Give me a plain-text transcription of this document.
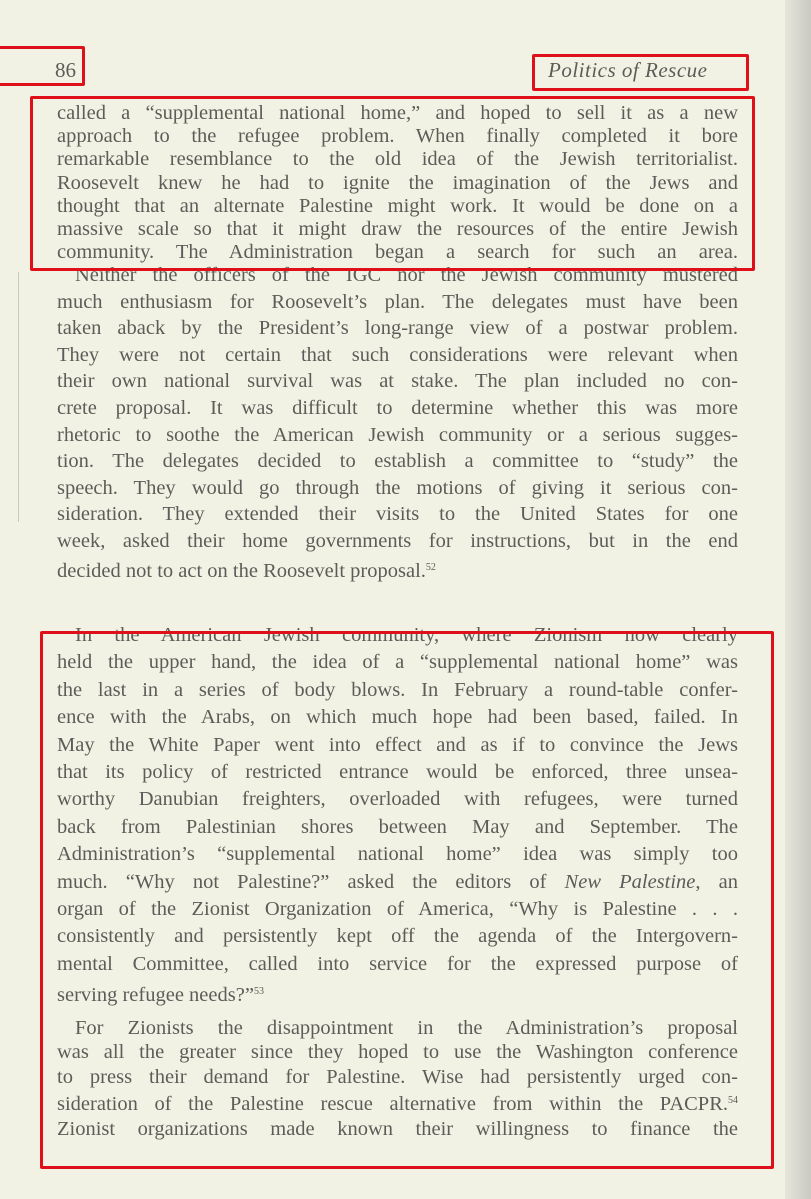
86	Politics of Rescue
called a “supplemental national home,” and hoped to sell it as a new
approach to the refugee problem. When finally completed it bore
remarkable resemblance to the old idea of the Jewish territorialist.
Roosevelt knew he had to ignite the imagination of the Jews and
thought that an alternate Palestine might work. It would be done on a
massive scale so that it might draw the resources of the entire Jewish
community. The Administration began a search for such an area.
Neither the officers of the IGC nor the Jewish community mustered
much enthusiasm for Roosevelt’s plan. The delegates must have been
taken aback by the President’s long-range view of a postwar problem.
They were not certain that such considerations were relevant when
their own national survival was at stake. The plan included no con-
crete proposal. It was difficult to determine whether this was more
rhetoric to soothe the American Jewish community or a serious sugges-
tion. The delegates decided to establish a committee to “study” the
speech. They would go through the motions of giving it serious con-
sideration. They extended their visits to the United States for one
week, asked their home governments for instructions, but in the end
decided not to act on the Roosevelt proposal.$^{52}$
In the American Jewish community, where Zionism now clearly
held the upper hand, the idea of a “supplemental national home” was
the last in a series of body blows. In February a round-table confer-
ence with the Arabs, on which much hope had been based, failed. In
May the White Paper went into effect and as if to convince the Jews
that its policy of restricted entrance would be enforced, three unsea-
worthy Danubian freighters, overloaded with refugees, were turned
back from Palestinian shores between May and September. The
Administration’s “supplemental national home” idea was simply too
much. “Why not Palestine?” asked the editors of New Palestine, an
organ of the Zionist Organization of America, “Why is Palestine . . .
consistently and persistently kept off the agenda of the Intergovern-
mental Committee, called into service for the expressed purpose of
serving refugee needs?”$^{53}$
For Zionists the disappointment in the Administration’s proposal
was all the greater since they hoped to use the Washington conference
to press their demand for Palestine. Wise had persistently urged con-
sideration of the Palestine rescue alternative from within the PACPR.$^{54}$
Zionist organizations made known their willingness to finance the
